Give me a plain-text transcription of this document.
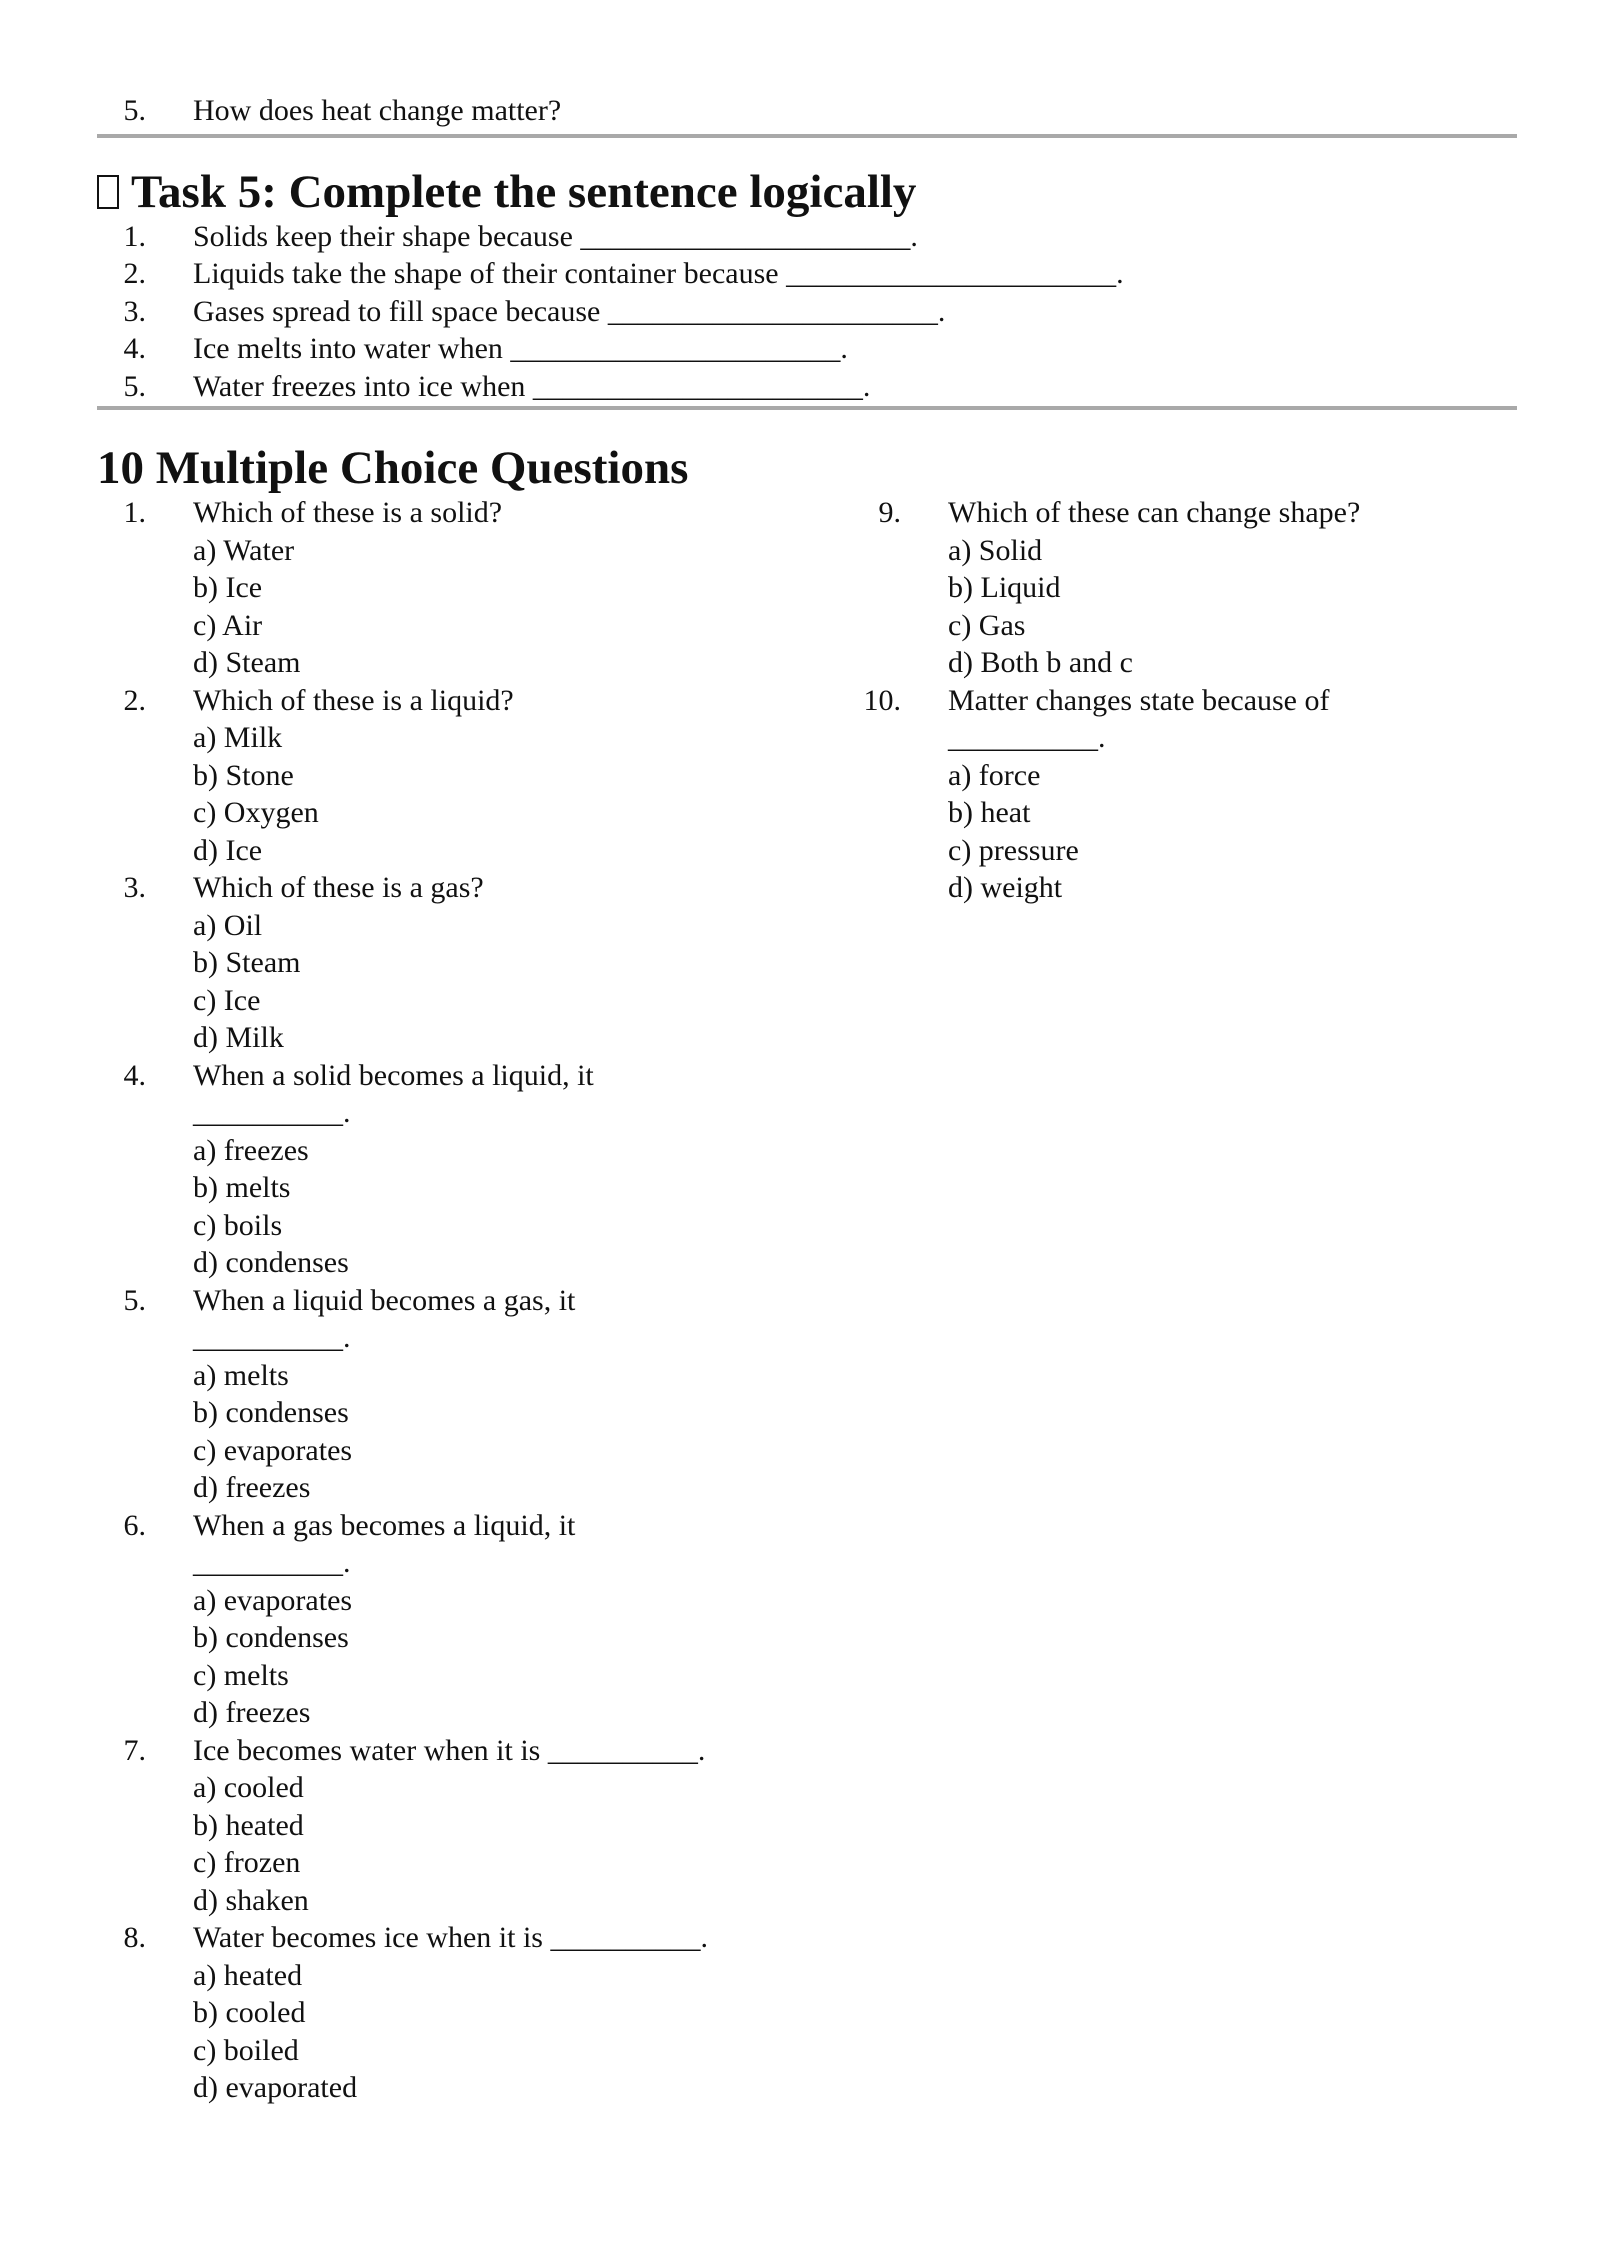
5.	How does heat change matter?
Task 5: Complete the sentence logically
1.	Solids keep their shape because ______________________.
2.	Liquids take the shape of their container because ______________________.
3.	Gases spread to fill space because ______________________.
4.	Ice melts into water when ______________________.
5.	Water freezes into ice when ______________________.
10 Multiple Choice Questions
1.	Which of these is a solid?
a) Water
b) Ice
c) Air
d) Steam
2.	Which of these is a liquid?
a) Milk
b) Stone
c) Oxygen
d) Ice
3.	Which of these is a gas?
a) Oil
b) Steam
c) Ice
d) Milk
4.	When a solid becomes a liquid, it
__________.
a) freezes
b) melts
c) boils
d) condenses
5.	When a liquid becomes a gas, it
__________.
a) melts
b) condenses
c) evaporates
d) freezes
6.	When a gas becomes a liquid, it
__________.
a) evaporates
b) condenses
c) melts
d) freezes
7.	Ice becomes water when it is __________.
a) cooled
b) heated
c) frozen
d) shaken
8.	Water becomes ice when it is __________.
a) heated
b) cooled
c) boiled
d) evaporated
9.	Which of these can change shape?
a) Solid
b) Liquid
c) Gas
d) Both b and c
10.	Matter changes state because of
__________.
a) force
b) heat
c) pressure
d) weight
